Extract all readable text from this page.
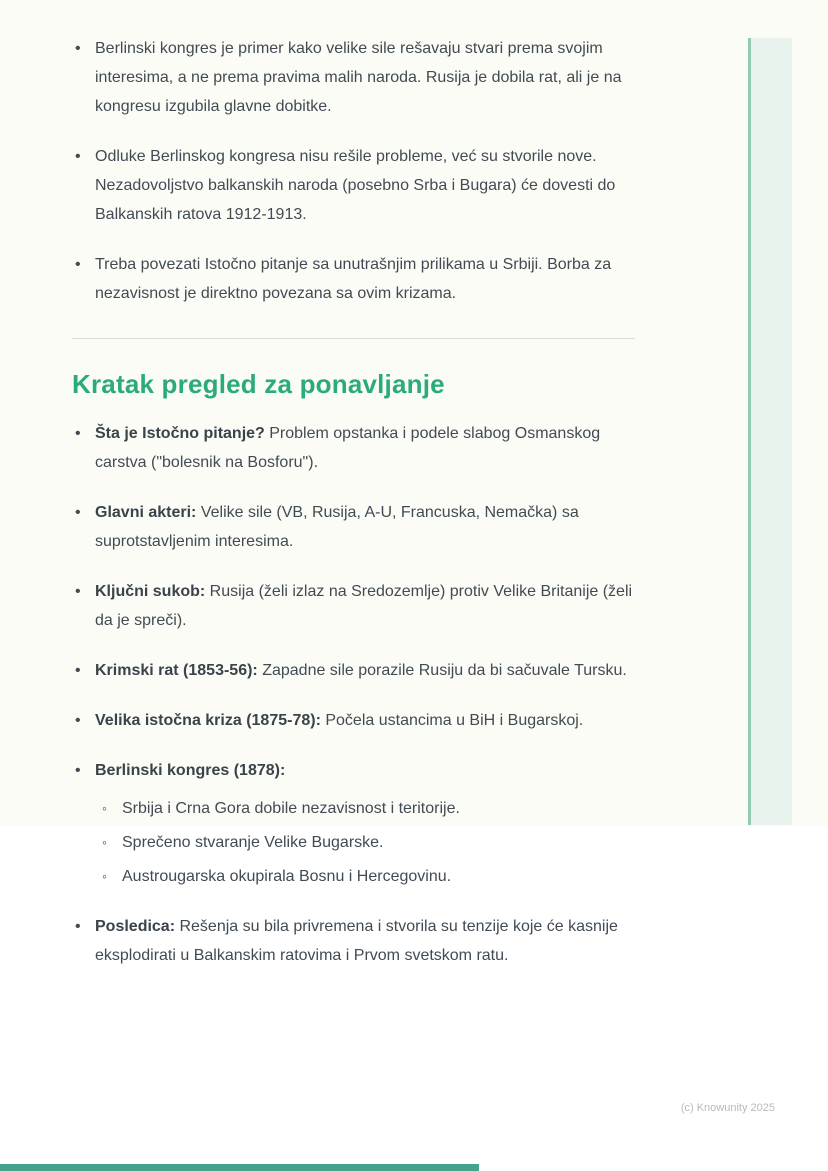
• Berlinski kongres je primer kako velike sile rešavaju stvari prema svojim interesima, a ne prema pravima malih naroda. Rusija je dobila rat, ali je na kongresu izgubila glavne dobitke.
• Odluke Berlinskog kongresa nisu rešile probleme, već su stvorile nove. Nezadovoljstvo balkanskih naroda (posebno Srba i Bugara) će dovesti do Balkanskih ratova 1912-1913.
• Treba povezati Istočno pitanje sa unutrašnjim prilikama u Srbiji. Borba za nezavisnost je direktno povezana sa ovim krizama.
Kratak pregled za ponavljanje
• Šta je Istočno pitanje? Problem opstanka i podele slabog Osmanskog carstva ("bolesnik na Bosforu").
• Glavni akteri: Velike sile (VB, Rusija, A-U, Francuska, Nemačka) sa suprotstavljenim interesima.
• Ključni sukob: Rusija (želi izlaz na Sredozemlje) protiv Velike Britanije (želi da je spreči).
• Krimski rat (1853-56): Zapadne sile porazile Rusiju da bi sačuvale Tursku.
• Velika istočna kriza (1875-78): Počela ustancima u BiH i Bugarskoj.
• Berlinski kongres (1878):
◦ Srbija i Crna Gora dobile nezavisnost i teritorije.
◦ Sprečeno stvaranje Velike Bugarske.
◦ Austrougarska okupirala Bosnu i Hercegovinu.
• Posledica: Rešenja su bila privremena i stvorila su tenzije koje će kasnije eksplodirati u Balkanskim ratovima i Prvom svetskom ratu.
(c) Knowunity 2025
